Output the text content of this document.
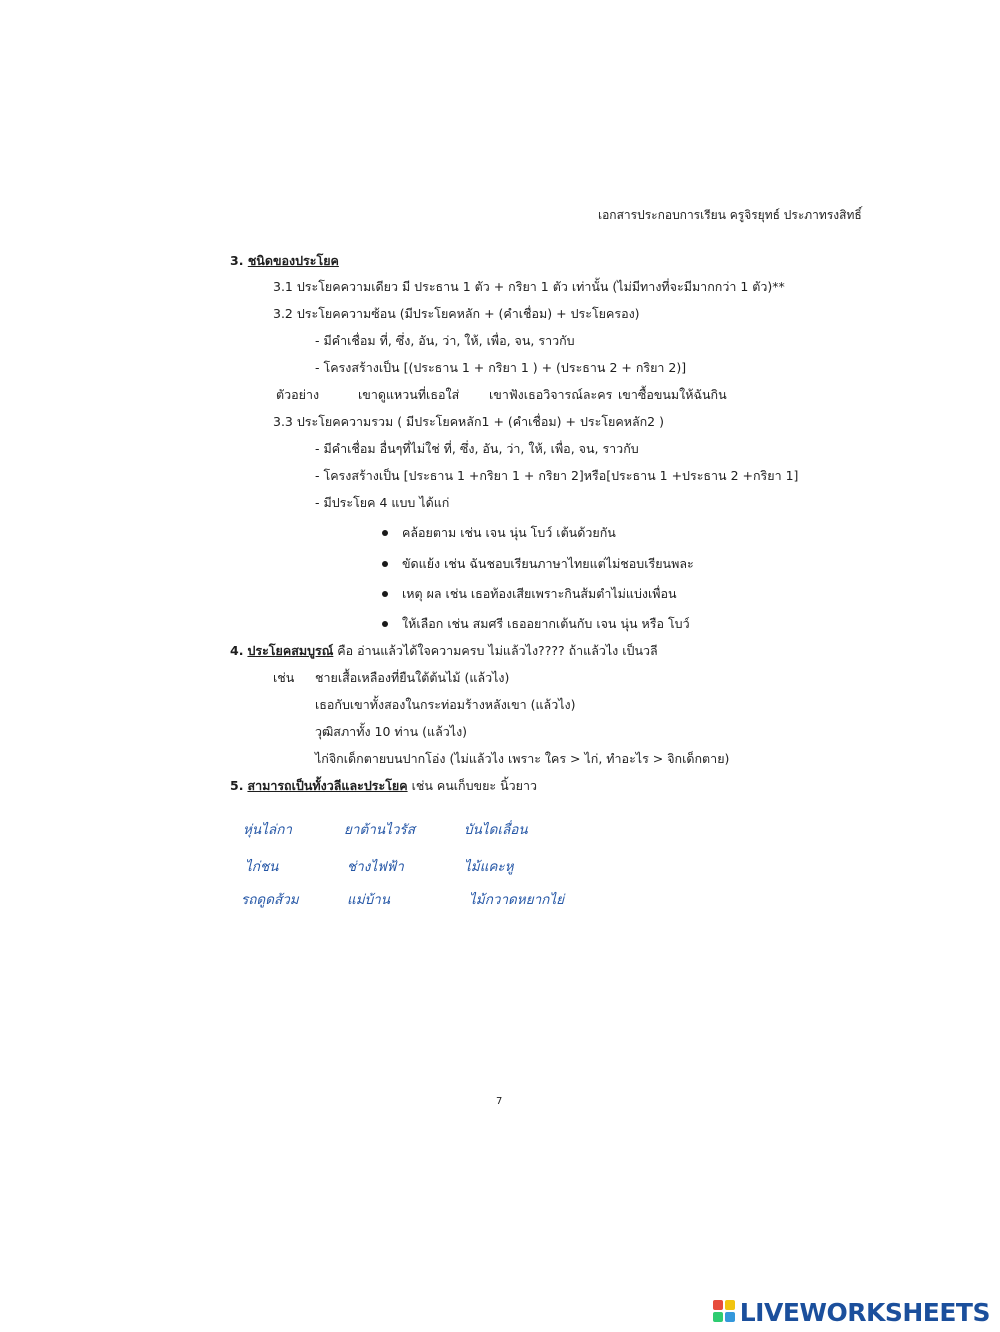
เอกสารประกอบการเรียน ครูจิรยุทธ์ ประภาทรงสิทธิ์
3. ชนิดของประโยค
3.1 ประโยคความเดียว มี ประธาน 1 ตัว + กริยา 1 ตัว เท่านั้น (ไม่มีทางที่จะมีมากกว่า 1 ตัว)**
3.2 ประโยคความซ้อน (มีประโยคหลัก + (คำเชื่อม) + ประโยครอง)
- มีคำเชื่อม ที่, ซึ่ง, อัน, ว่า, ให้, เพื่อ, จน, ราวกับ
- โครงสร้างเป็น [(ประธาน 1 + กริยา 1 ) + (ประธาน 2 + กริยา 2)]
ตัวอย่าง	เขาดูแหวนที่เธอใส่ เขาฟังเธอวิจารณ์ละคร เขาซื้อขนมให้ฉันกิน
3.3 ประโยคความรวม ( มีประโยคหลัก1 + (คำเชื่อม) + ประโยคหลัก2 )
- มีคำเชื่อม อื่นๆที่ไม่ใช่ ที่, ซึ่ง, อัน, ว่า, ให้, เพื่อ, จน, ราวกับ
- โครงสร้างเป็น [ประธาน 1 +กริยา 1 + กริยา 2]หรือ[ประธาน 1 +ประธาน 2 +กริยา 1]
- มีประโยค 4 แบบ ได้แก่
คล้อยตาม เช่น เจน นุ่น โบว์ เต้นด้วยกัน
ขัดแย้ง เช่น ฉันชอบเรียนภาษาไทยแต่ไม่ชอบเรียนพละ
เหตุ ผล เช่น เธอท้องเสียเพราะกินส้มตำไม่แบ่งเพื่อน
ให้เลือก เช่น สมศรี เธออยากเต้นกับ เจน นุ่น หรือ โบว์
4. ประโยคสมบูรณ์ คือ อ่านแล้วได้ใจความครบ ไม่แล้วไง???? ถ้าแล้วไง เป็นวลี
เช่น ชายเสื้อเหลืองที่ยืนใต้ต้นไม้ (แล้วไง)
เธอกับเขาทั้งสองในกระท่อมร้างหลังเขา (แล้วไง)
วุฒิสภาทั้ง 10 ท่าน (แล้วไง)
ไก่จิกเด็กตายบนปากโอ่ง (ไม่แล้วไง เพราะ ใคร > ไก่, ทำอะไร > จิกเด็กตาย)
5. สามารถเป็นทั้งวลีและประโยค เช่น คนเก็บขยะ นิ้วยาว
หุ่นไล่กา	ยาต้านไวรัส	บันไดเลื่อน
ไก่ชน	ช่างไฟฟ้า	ไม้แคะหู
รถดูดส้วม	แม่บ้าน	ไม้กวาดหยากไย่
7
LIVEWORKSHEETS
